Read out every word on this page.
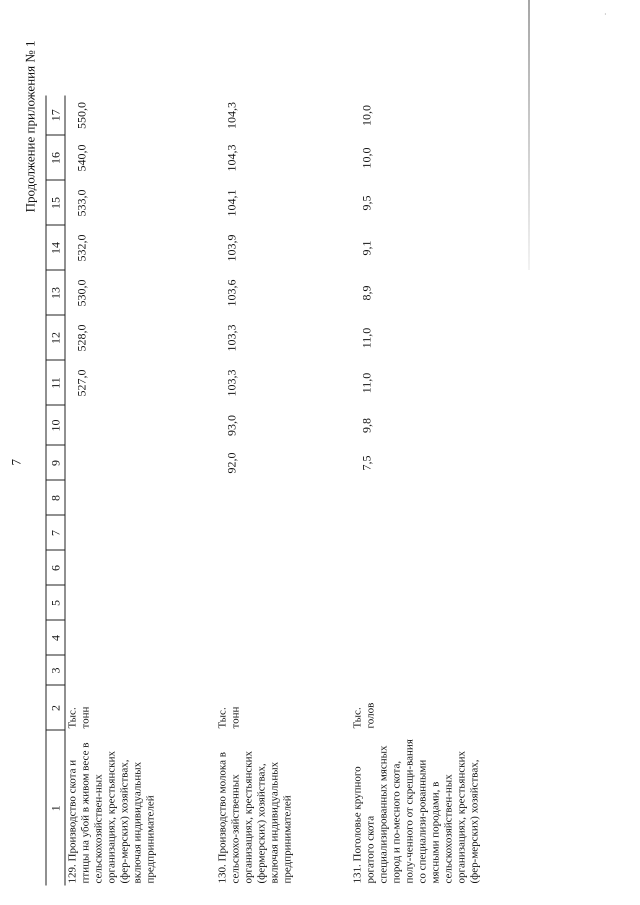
·
7
Продолжение приложения № 1
1	2	3	4	5	6	7	8	9	10	11	12	13	14	15	16	17
129. Производство скота и птицы на убой в живом весе в сельскохозяйствен-ных организациях, крестьянских (фер-мерских) хозяйствах, включая индивидуальных предпринимателей	Тыс. тонн									527,0	528,0	530,0	532,0	533,0	540,0	550,0
130. Производство молока в сельскохо-зяйственных организациях, крестьянских (фермерских) хозяйствах, включая индивидуальных предпринимателей	Тыс. тонн							92,0	93,0	103,3	103,3	103,6	103,9	104,1	104,3	104,3
131. Поголовье крупного рогатого скота специализированных мясных пород и по-месного скота, полу-ченного от скрещи-вания со специализи-рованными мясными породами, в сельскохозяйствен-ных организациях, крестьянских (фер-мерских) хозяйствах,	Тыс. голов							7,5	9,8	11,0	11,0	8,9	9,1	9,5	10,0	10,0
